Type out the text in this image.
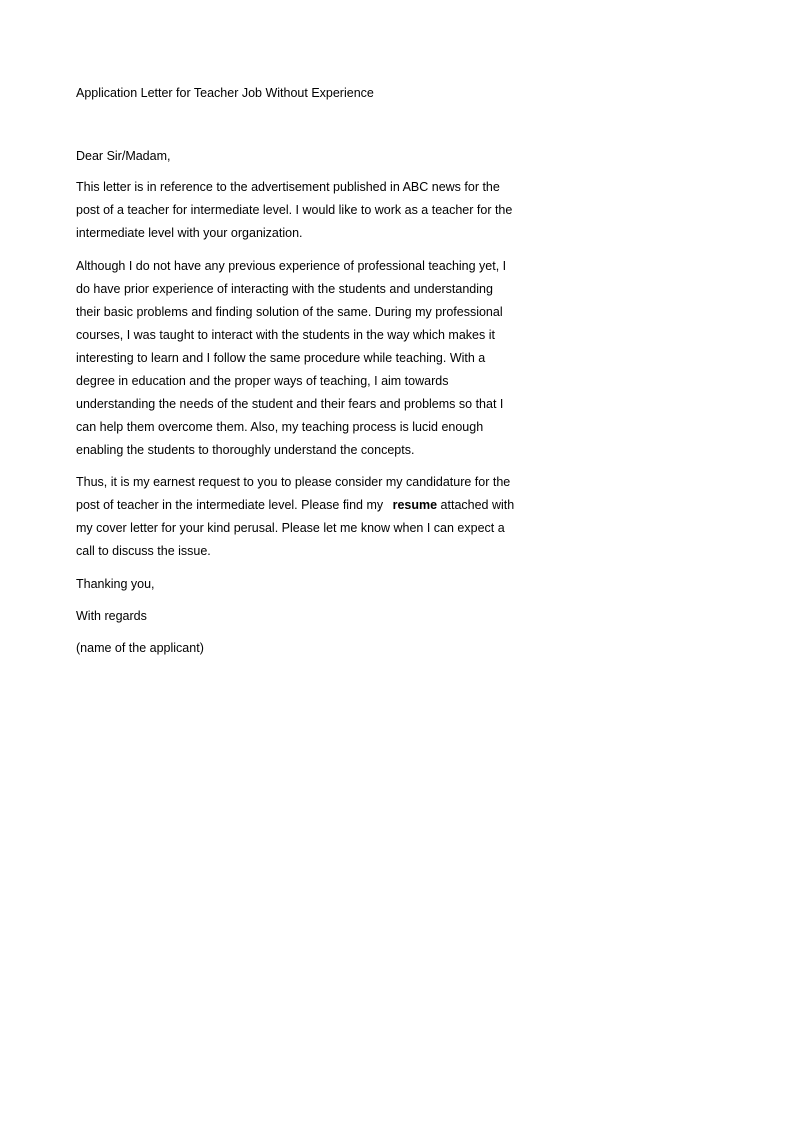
Application Letter for Teacher Job Without Experience
Dear Sir/Madam,
This letter is in reference to the advertisement published in ABC news for the
post of a teacher for intermediate level. I would like to work as a teacher for the
intermediate level with your organization.
Although I do not have any previous experience of professional teaching yet, I
do have prior experience of interacting with the students and understanding
their basic problems and finding solution of the same. During my professional
courses, I was taught to interact with the students in the way which makes it
interesting to learn and I follow the same procedure while teaching. With a
degree in education and the proper ways of teaching, I aim towards
understanding the needs of the student and their fears and problems so that I
can help them overcome them. Also, my teaching process is lucid enough
enabling the students to thoroughly understand the concepts.
Thus, it is my earnest request to you to please consider my candidature for the
post of teacher in the intermediate level. Please find my resume attached with
my cover letter for your kind perusal. Please let me know when I can expect a
call to discuss the issue.
Thanking you,
With regards
(name of the applicant)
